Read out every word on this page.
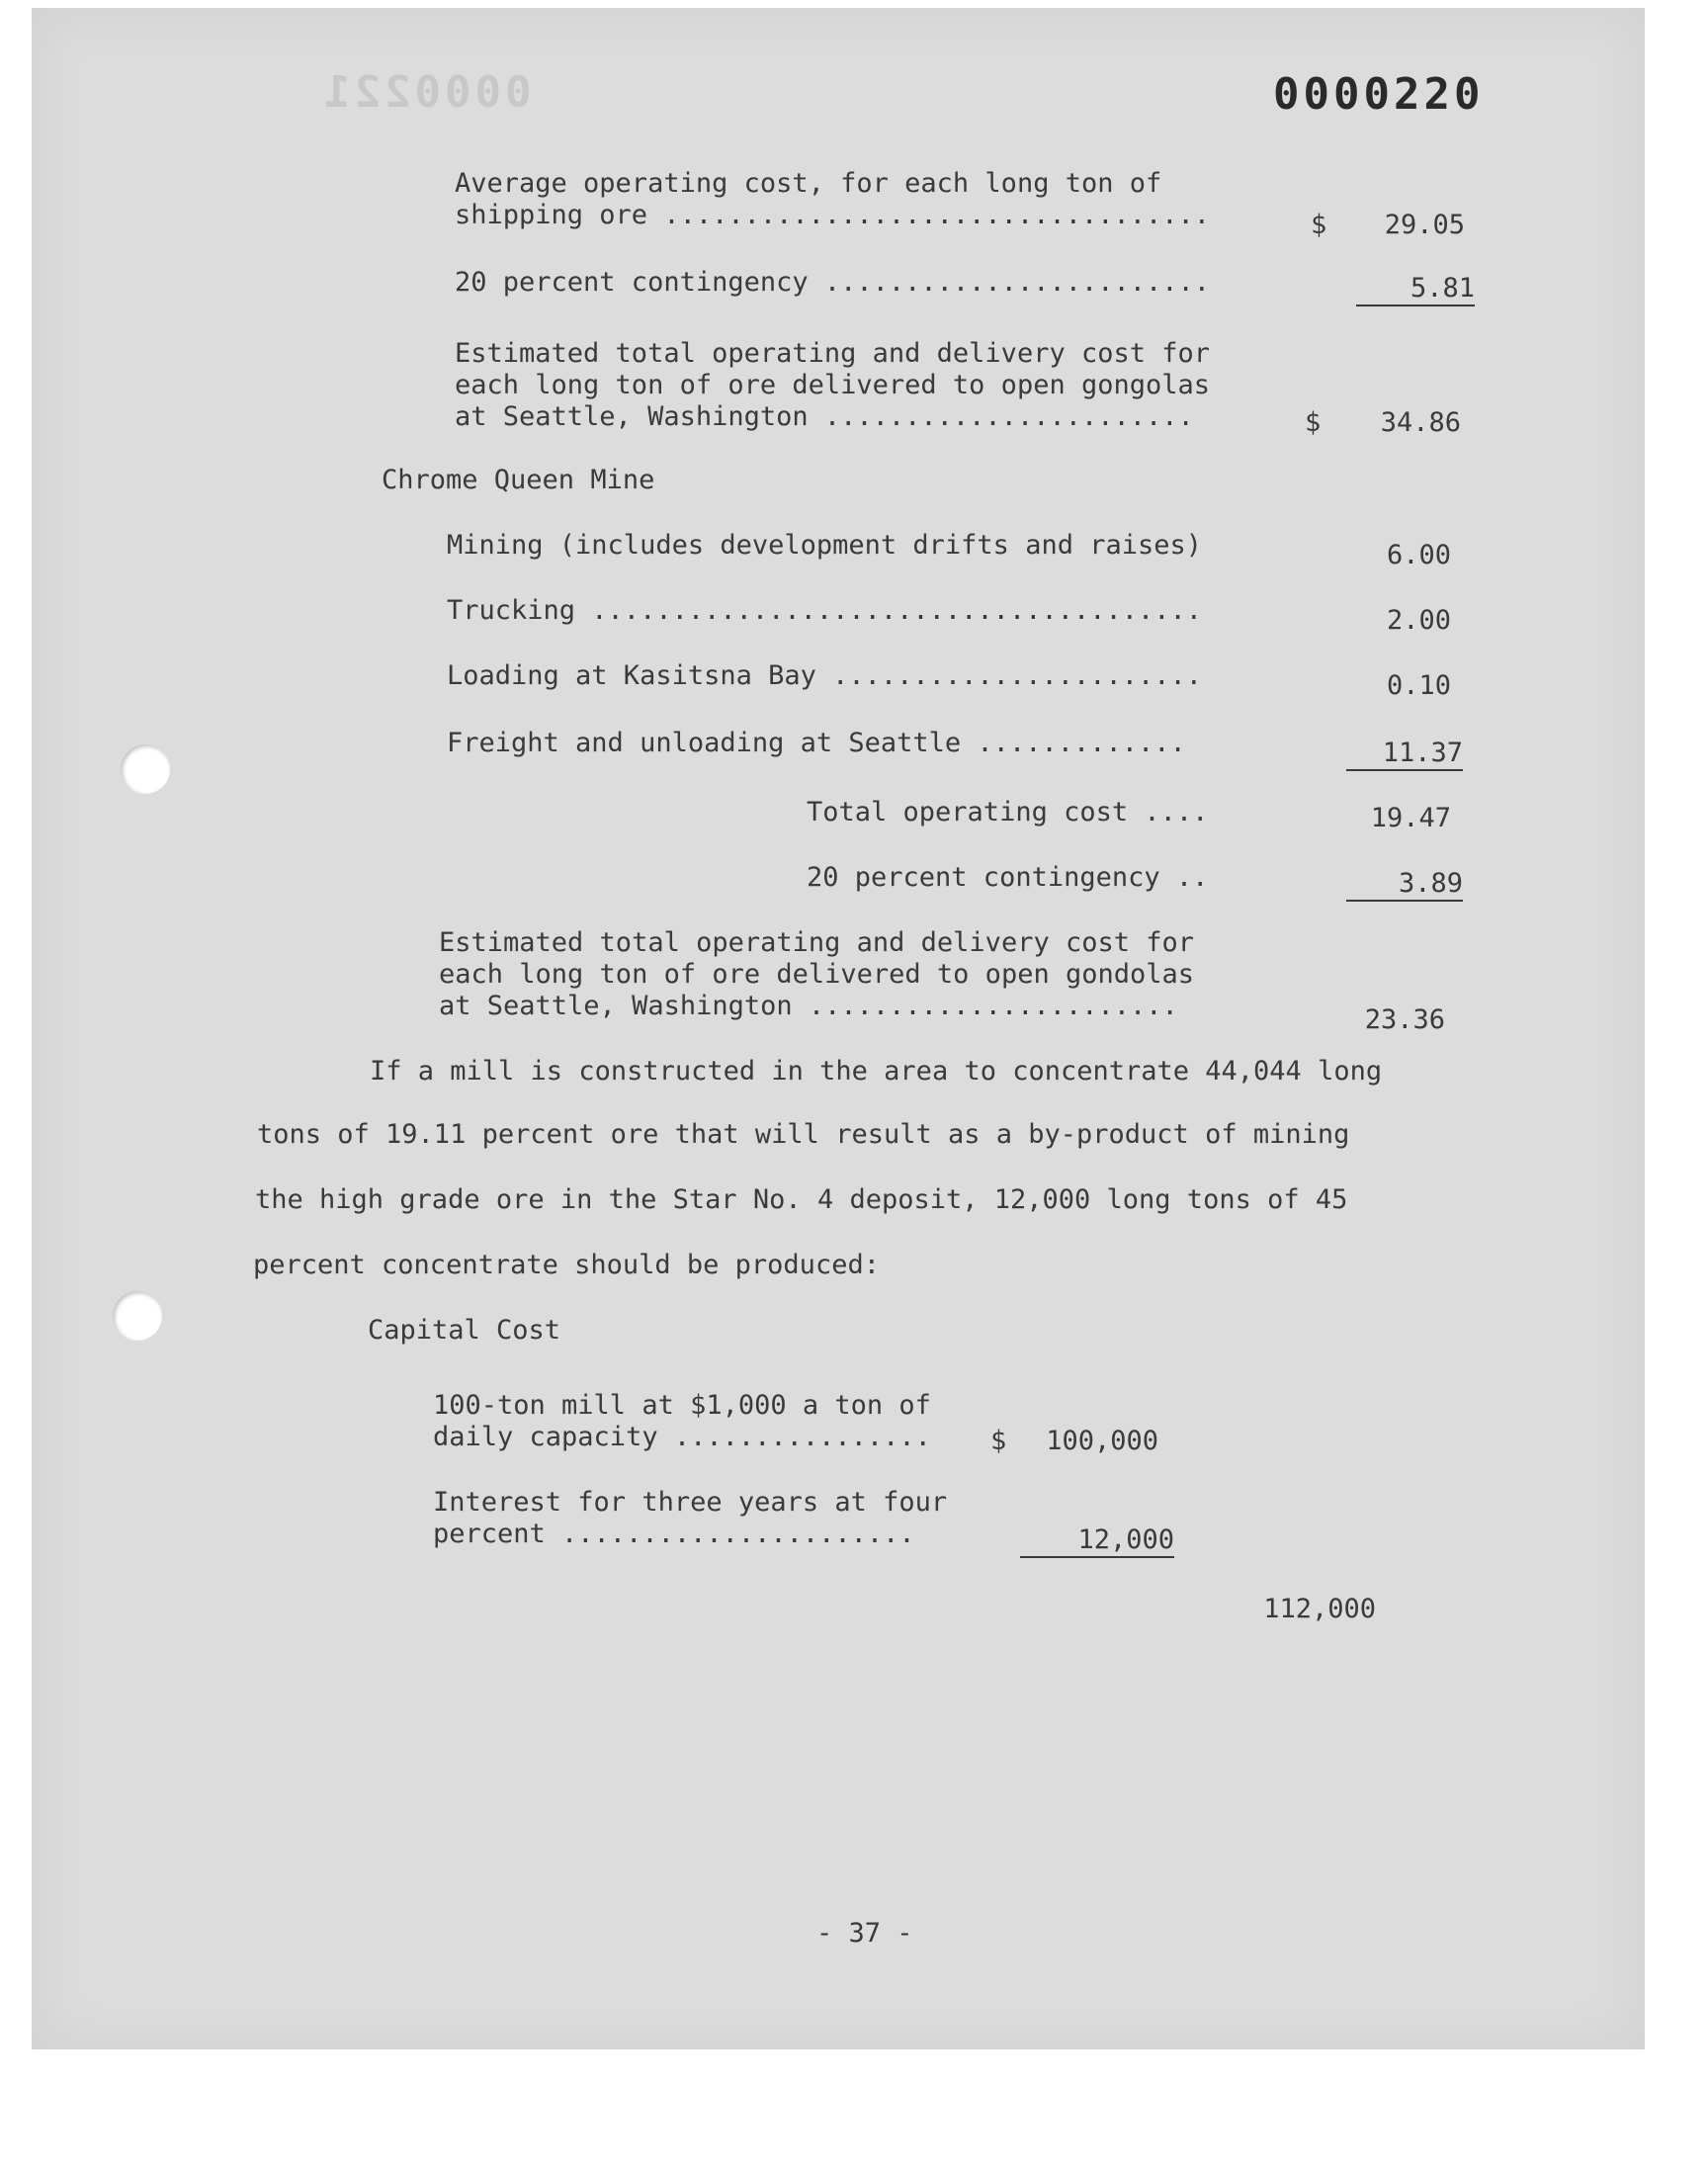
0000221	0000220
Average operating cost, for each long ton of
shipping ore ..................................	$	29.05
20 percent contingency ........................	5.81
Estimated total operating and delivery cost for
each long ton of ore delivered to open gongolas
at Seattle, Washington .......................	$	34.86
Chrome Queen Mine
Mining (includes development drifts and raises)	6.00
Trucking ......................................	2.00
Loading at Kasitsna Bay .......................	0.10
Freight and unloading at Seattle .............	11.37
Total operating cost ....	19.47
20 percent contingency ..	3.89
Estimated total operating and delivery cost for
each long ton of ore delivered to open gondolas
at Seattle, Washington .......................	23.36
If a mill is constructed in the area to concentrate 44,044 long
tons of 19.11 percent ore that will result as a by-product of mining
the high grade ore in the Star No. 4 deposit, 12,000 long tons of 45
percent concentrate should be produced:
Capital Cost
100-ton mill at $1,000 a ton of
daily capacity ................ $	100,000
Interest for three years at four
percent ......................	12,000
112,000
- 37 -
